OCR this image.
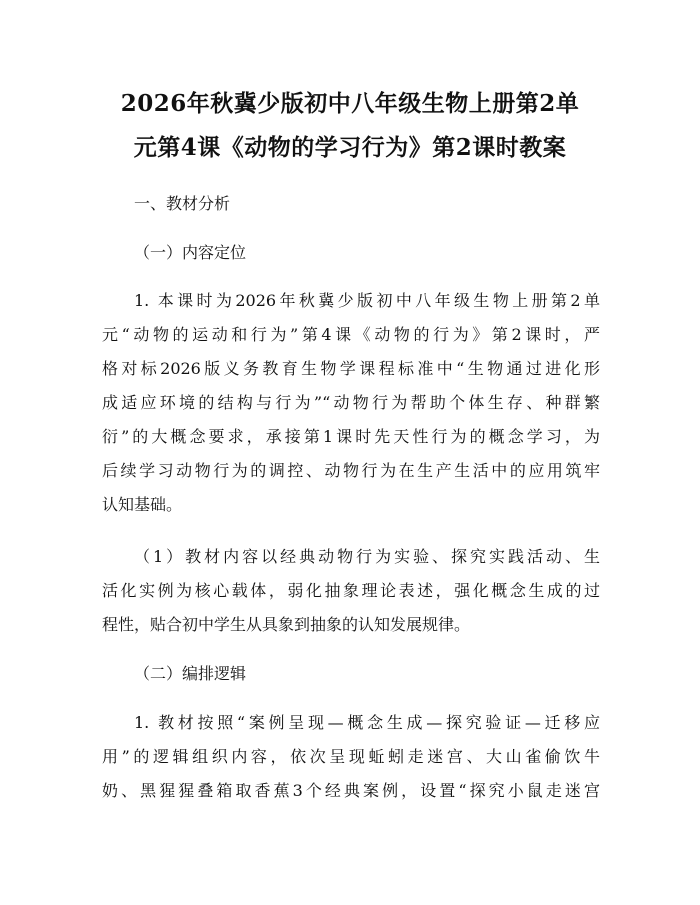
2026年秋冀少版初中八年级生物上册第2单
元第4课《动物的学习行为》第2课时教案
一、教材分析
（一）内容定位
1. 本课时为2026年秋冀少版初中八年级生物上册第2单
元“动物的运动和行为”第4课《动物的行为》第2课时，严
格对标2026版义务教育生物学课程标准中“生物通过进化形
成适应环境的结构与行为”“动物行为帮助个体生存、种群繁
衍”的大概念要求，承接第1课时先天性行为的概念学习，为
后续学习动物行为的调控、动物行为在生产生活中的应用筑牢
认知基础。
（1）教材内容以经典动物行为实验、探究实践活动、生
活化实例为核心载体，弱化抽象理论表述，强化概念生成的过
程性，贴合初中学生从具象到抽象的认知发展规律。
（二）编排逻辑
1. 教材按照“案例呈现—概念生成—探究验证—迁移应
用”的逻辑组织内容，依次呈现蚯蚓走迷宫、大山雀偷饮牛
奶、黑猩猩叠箱取香蕉3个经典案例，设置“探究小鼠走迷宫
